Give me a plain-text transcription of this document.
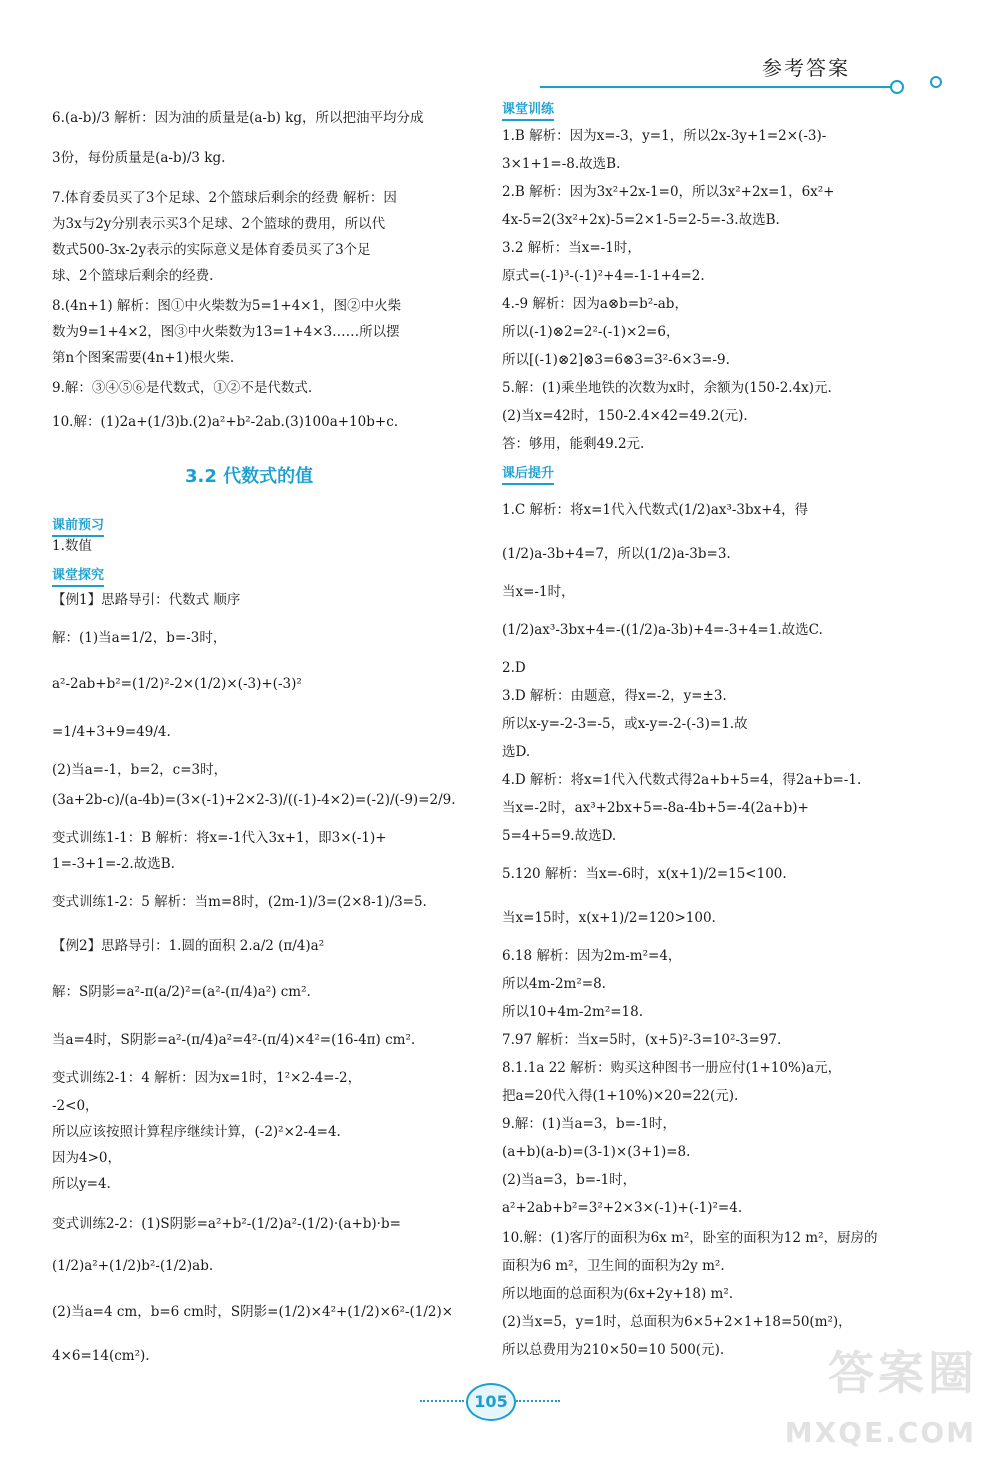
参考答案
6.(a-b)/3 解析：因为油的质量是(a-b) kg，所以把油平均分成
3份，每份质量是(a-b)/3 kg.
7.体育委员买了3个足球、2个篮球后剩余的经费 解析：因
为3x与2y分别表示买3个足球、2个篮球的费用，所以代
数式500-3x-2y表示的实际意义是体育委员买了3个足
球、2个篮球后剩余的经费.
8.(4n+1) 解析：图①中火柴数为5=1+4×1，图②中火柴
数为9=1+4×2，图③中火柴数为13=1+4×3……所以摆
第n个图案需要(4n+1)根火柴.
9.解：③④⑤⑥是代数式，①②不是代数式.
10.解：(1)2a+(1/3)b.(2)a²+b²-2ab.(3)100a+10b+c.
课前预习
1.数值
课堂探究
【例1】思路导引：代数式 顺序
解：(1)当a=1/2，b=-3时，
a²-2ab+b²=(1/2)²-2×(1/2)×(-3)+(-3)²
=1/4+3+9=49/4.
(2)当a=-1，b=2，c=3时，
(3a+2b-c)/(a-4b)=(3×(-1)+2×2-3)/((-1)-4×2)=(-2)/(-9)=2/9.
变式训练1-1：B 解析：将x=-1代入3x+1，即3×(-1)+
1=-3+1=-2.故选B.
变式训练1-2：5 解析：当m=8时，(2m-1)/3=(2×8-1)/3=5.
【例2】思路导引：1.圆的面积 2.a/2 (π/4)a²
解：S阴影=a²-π(a/2)²=(a²-(π/4)a²) cm².
当a=4时，S阴影=a²-(π/4)a²=4²-(π/4)×4²=(16-4π) cm².
变式训练2-1：4 解析：因为x=1时，1²×2-4=-2，
-2<0，
所以应该按照计算程序继续计算，(-2)²×2-4=4.
因为4>0，
所以y=4.
变式训练2-2：(1)S阴影=a²+b²-(1/2)a²-(1/2)·(a+b)·b=
(1/2)a²+(1/2)b²-(1/2)ab.
(2)当a=4 cm，b=6 cm时，S阴影=(1/2)×4²+(1/2)×6²-(1/2)×
4×6=14(cm²).
课堂训练
1.B 解析：因为x=-3，y=1，所以2x-3y+1=2×(-3)-
3×1+1=-8.故选B.
2.B 解析：因为3x²+2x-1=0，所以3x²+2x=1，6x²+
4x-5=2(3x²+2x)-5=2×1-5=2-5=-3.故选B.
3.2 解析：当x=-1时，
原式=(-1)³-(-1)²+4=-1-1+4=2.
4.-9 解析：因为a⊗b=b²-ab，
所以(-1)⊗2=2²-(-1)×2=6，
所以[(-1)⊗2]⊗3=6⊗3=3²-6×3=-9.
5.解：(1)乘坐地铁的次数为x时，余额为(150-2.4x)元.
(2)当x=42时，150-2.4×42=49.2(元).
答：够用，能剩49.2元.
课后提升
1.C 解析：将x=1代入代数式(1/2)ax³-3bx+4，得
(1/2)a-3b+4=7，所以(1/2)a-3b=3.
当x=-1时，
(1/2)ax³-3bx+4=-((1/2)a-3b)+4=-3+4=1.故选C.
2.D
3.D 解析：由题意，得x=-2，y=±3.
所以x-y=-2-3=-5，或x-y=-2-(-3)=1.故
选D.
4.D 解析：将x=1代入代数式得2a+b+5=4，得2a+b=-1.
当x=-2时，ax³+2bx+5=-8a-4b+5=-4(2a+b)+
5=4+5=9.故选D.
5.120 解析：当x=-6时，x(x+1)/2=15<100.
当x=15时，x(x+1)/2=120>100.
6.18 解析：因为2m-m²=4，
所以4m-2m²=8.
所以10+4m-2m²=18.
7.97 解析：当x=5时，(x+5)²-3=10²-3=97.
8.1.1a 22 解析：购买这种图书一册应付(1+10%)a元，
把a=20代入得(1+10%)×20=22(元).
9.解：(1)当a=3，b=-1时，
(a+b)(a-b)=(3-1)×(3+1)=8.
(2)当a=3，b=-1时，
a²+2ab+b²=3²+2×3×(-1)+(-1)²=4.
10.解：(1)客厅的面积为6x m²，卧室的面积为12 m²，厨房的
面积为6 m²，卫生间的面积为2y m².
所以地面的总面积为(6x+2y+18) m².
(2)当x=5，y=1时，总面积为6×5+2×1+18=50(m²)，
所以总费用为210×50=10 500(元).
3.2 代数式的值
105
答案圈
MXQE.COM
